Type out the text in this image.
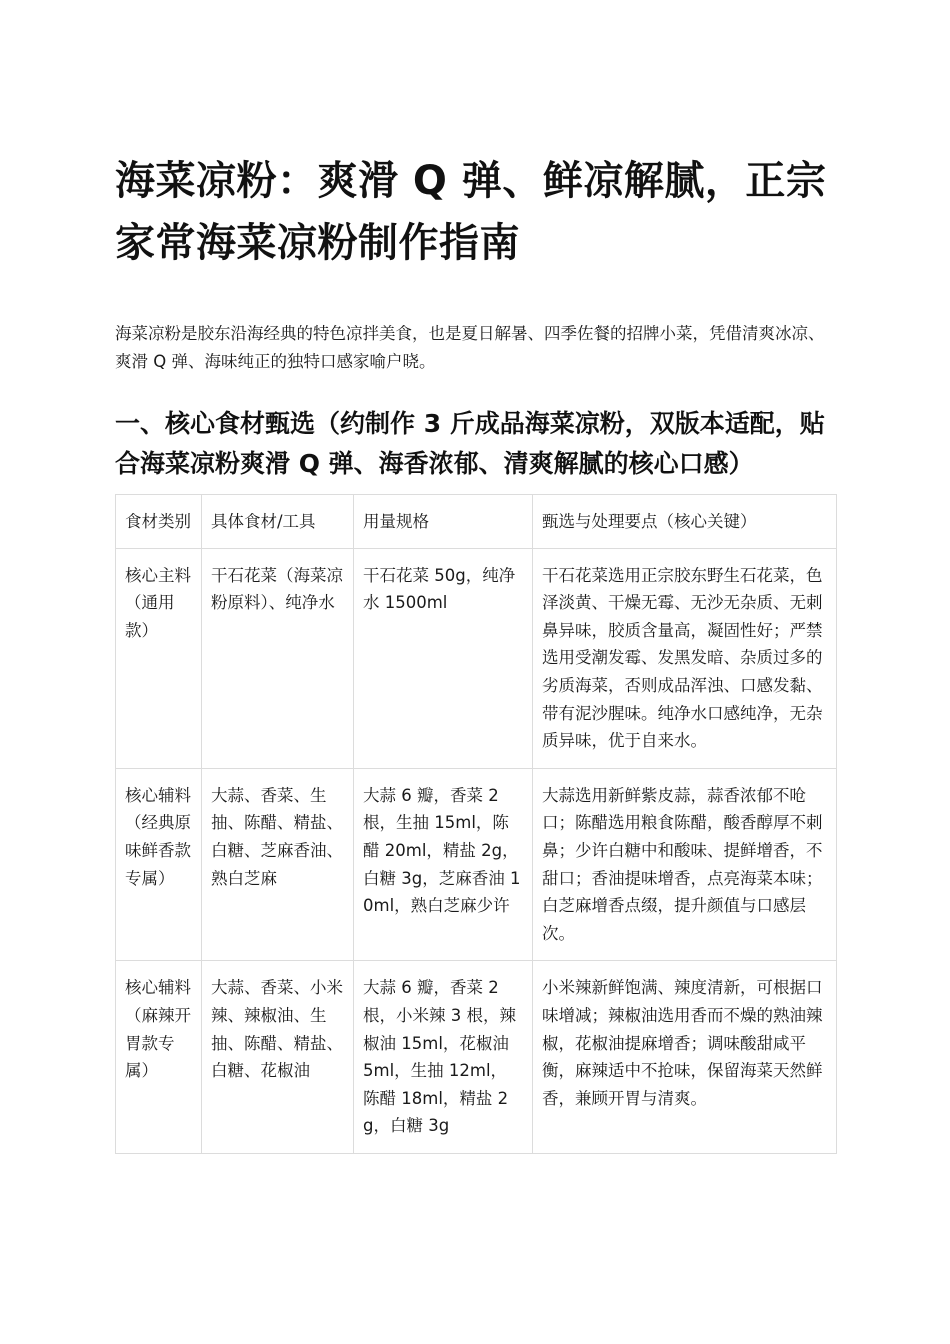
海菜凉粉：爽滑 Q 弹、鲜凉解腻，正宗家常海菜凉粉制作指南

海菜凉粉是胶东沿海经典的特色凉拌美食，也是夏日解暑、四季佐餐的招牌小菜，凭借清爽冰凉、爽滑 Q 弹、海味纯正的独特口感家喻户晓。

一、核心食材甄选（约制作 3 斤成品海菜凉粉，双版本适配，贴合海菜凉粉爽滑 Q 弹、海香浓郁、清爽解腻的核心口感）
食材类别	具体食材/工具	用量规格	甄选与处理要点（核心关键）
核心主料（通用款）	干石花菜（海菜凉粉原料）、纯净水	干石花菜 50g，纯净水 1500ml	干石花菜选用正宗胶东野生石花菜，色泽淡黄、干燥无霉、无沙无杂质、无刺鼻异味，胶质含量高，凝固性好；严禁选用受潮发霉、发黑发暗、杂质过多的劣质海菜，否则成品浑浊、口感发黏、带有泥沙腥味。纯净水口感纯净，无杂质异味，优于自来水。
核心辅料（经典原味鲜香款专属）	大蒜、香菜、生抽、陈醋、精盐、白糖、芝麻香油、熟白芝麻	大蒜 6 瓣，香菜 2 根，生抽 15ml，陈醋 20ml，精盐 2g，白糖 3g，芝麻香油 10ml，熟白芝麻少许	大蒜选用新鲜紫皮蒜，蒜香浓郁不呛口；陈醋选用粮食陈醋，酸香醇厚不刺鼻；少许白糖中和酸味、提鲜增香，不甜口；香油提味增香，点亮海菜本味；白芝麻增香点缀，提升颜值与口感层次。
核心辅料（麻辣开胃款专属）	大蒜、香菜、小米辣、辣椒油、生抽、陈醋、精盐、白糖、花椒油	大蒜 6 瓣，香菜 2 根，小米辣 3 根，辣椒油 15ml，花椒油 5ml，生抽 12ml，陈醋 18ml，精盐 2g，白糖 3g	小米辣新鲜饱满、辣度清新，可根据口味增减；辣椒油选用香而不燥的熟油辣椒，花椒油提麻增香；调味酸甜咸平衡，麻辣适中不抢味，保留海菜天然鲜香，兼顾开胃与清爽。
